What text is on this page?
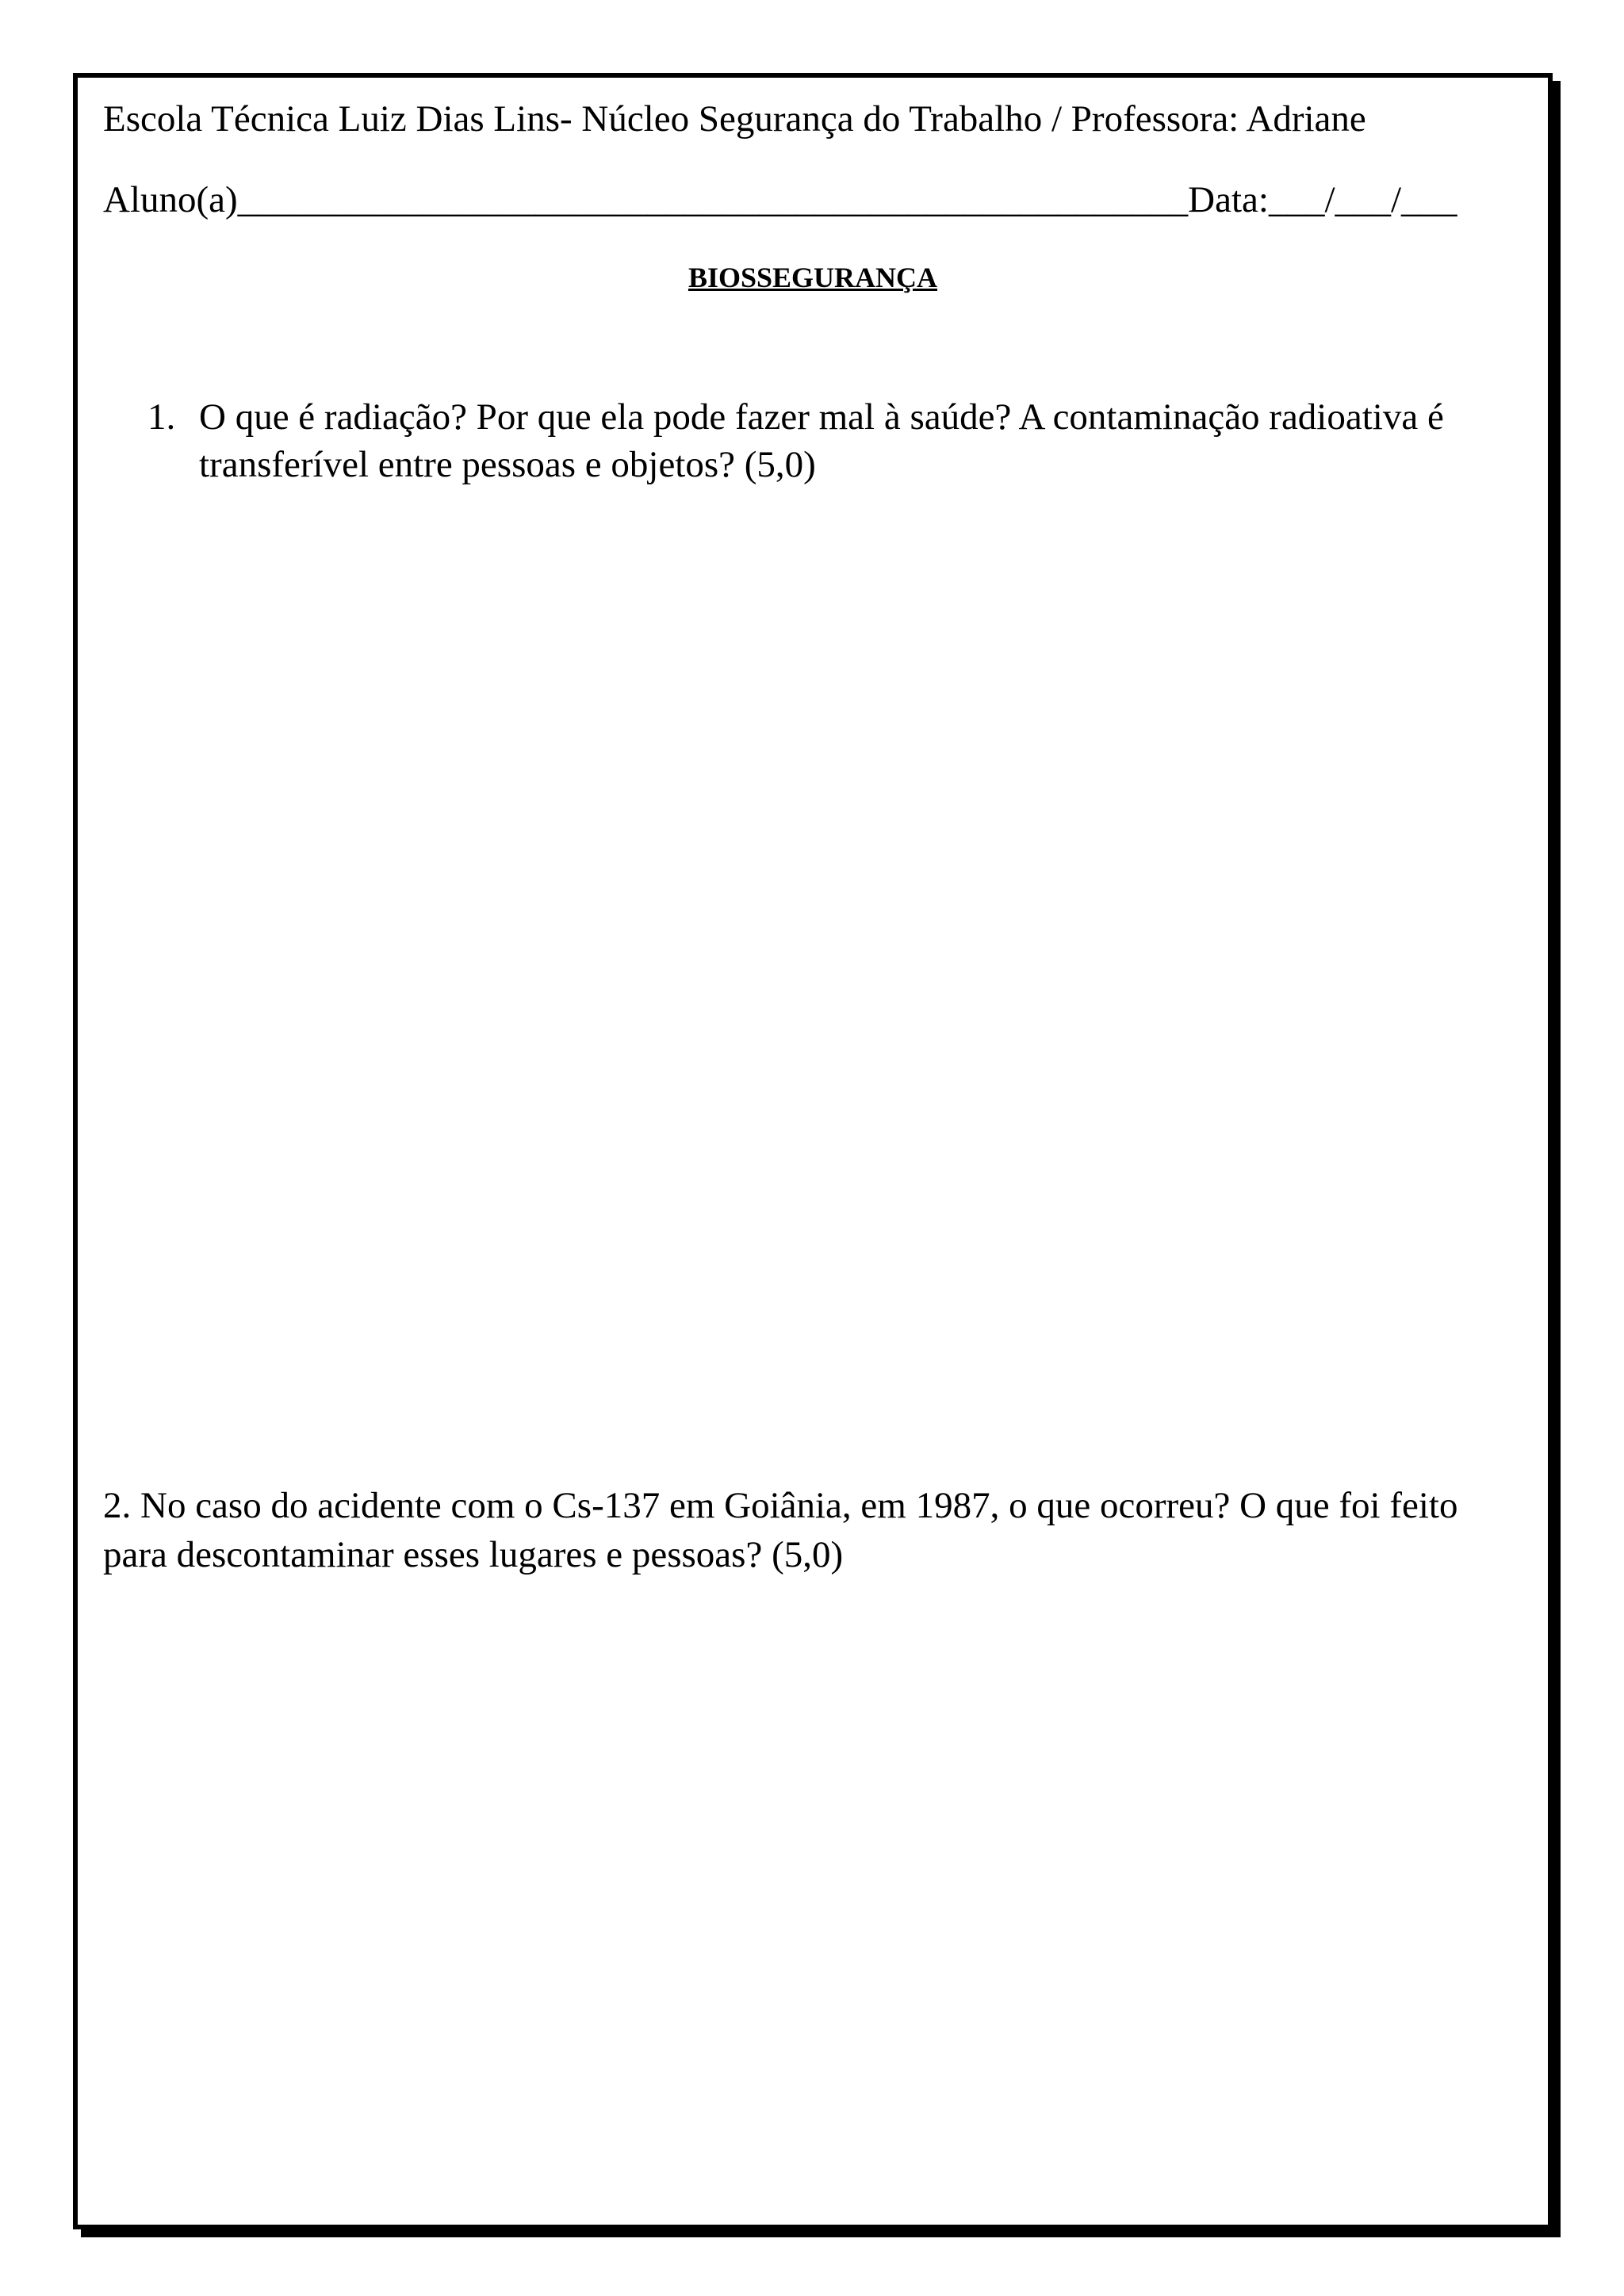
Escola Técnica Luiz Dias Lins- Núcleo Segurança do Trabalho / Professora: Adriane
Aluno(a)___________________________________________________Data:___/___/___
BIOSSEGURANÇA
1. O que é radiação? Por que ela pode fazer mal à saúde? A contaminação radioativa é transferível entre pessoas e objetos? (5,0)
2. No caso do acidente com o Cs-137 em Goiânia, em 1987, o que ocorreu? O que foi feito para descontaminar esses lugares e pessoas? (5,0)
